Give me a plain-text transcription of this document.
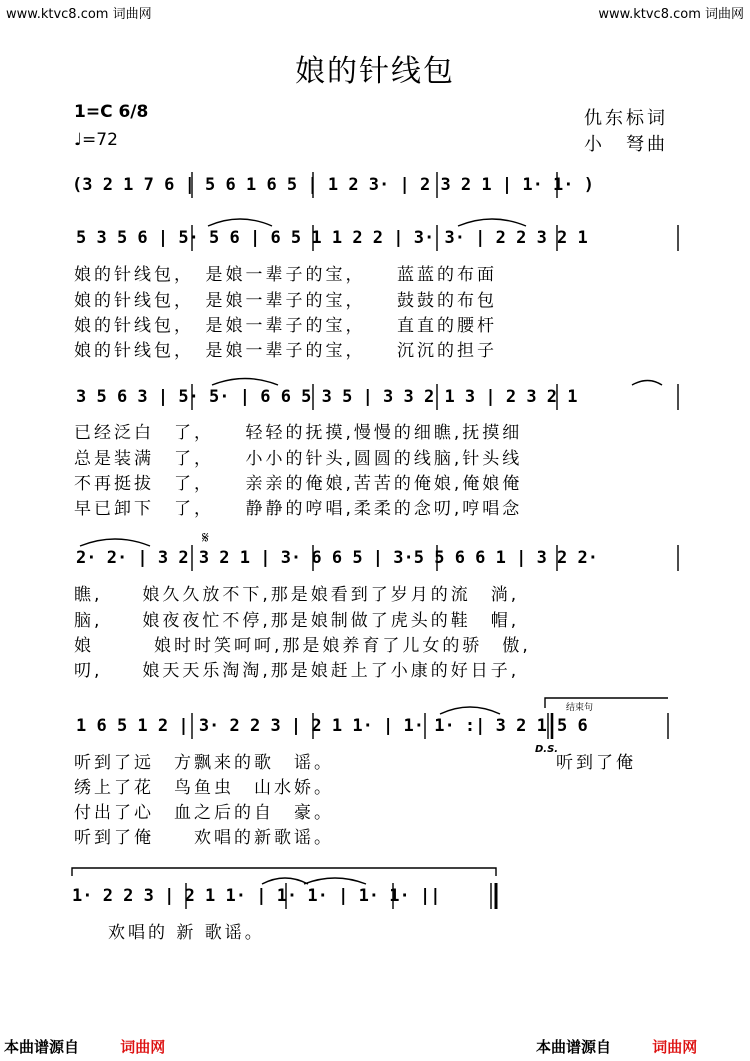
www.ktvc8.com 词曲网	www.ktvc8.com 词曲网
娘的针线包
1=C 6/8
♩=72
仇东标词
小　弩曲
(3 2 1 7 6 | 5 6 1 6 5 | 1 2 3· | 2 3 2 1 | 1· 1· )
5 3 5 6 | 5· 5 6 | 6 5 1 1 2 2 | 3· 3· | 2 2 3 2 1
娘的针线包，　是娘一辈子的宝，　　蓝蓝的布面
娘的针线包，　是娘一辈子的宝，　　鼓鼓的布包
娘的针线包，　是娘一辈子的宝，　　直直的腰杆
娘的针线包，　是娘一辈子的宝，　　沉沉的担子
3 5 6 3 | 5· 5· | 6 6 5 3 5 | 3 3 2 1 3 | 2 3 2 1
已经泛白　了，　　轻轻的抚摸,慢慢的细瞧,抚摸细
总是装满　了，　　小小的针头,圆圆的线脑,针头线
不再挺拔　了，　　亲亲的俺娘,苦苦的俺娘,俺娘俺
早已卸下　了，　　静静的哼唱,柔柔的念叨,哼唱念
𝄋
2· 2· | 3 2 3 2 1 | 3· 6 6 5 | 3·5 5 6 6 1 | 3 2 2·
瞧,　　娘久久放不下,那是娘看到了岁月的流　淌,
脑,　　娘夜夜忙不停,那是娘制做了虎头的鞋　帽,
娘　　　娘时时笑呵呵,那是娘养育了儿女的骄　傲,
叨,　　娘天天乐淘淘,那是娘赶上了小康的好日子,
结束句
1 6 5 1 2 | 3· 2 2 3 | 2 1 1· | 1· 1· :| 3 2 1 5 6
听到了远　方飘来的歌　谣。
绣上了花　鸟鱼虫　山水娇。
付出了心　血之后的自　豪。
听到了俺　　欢唱的新歌谣。
D.S.
听到了俺
1· 2 2 3 | 2 1 1· | 1· 1· | 1· 1· ||
欢唱的 新 歌谣。
本曲谱源自	词曲网	本曲谱源自	词曲网
